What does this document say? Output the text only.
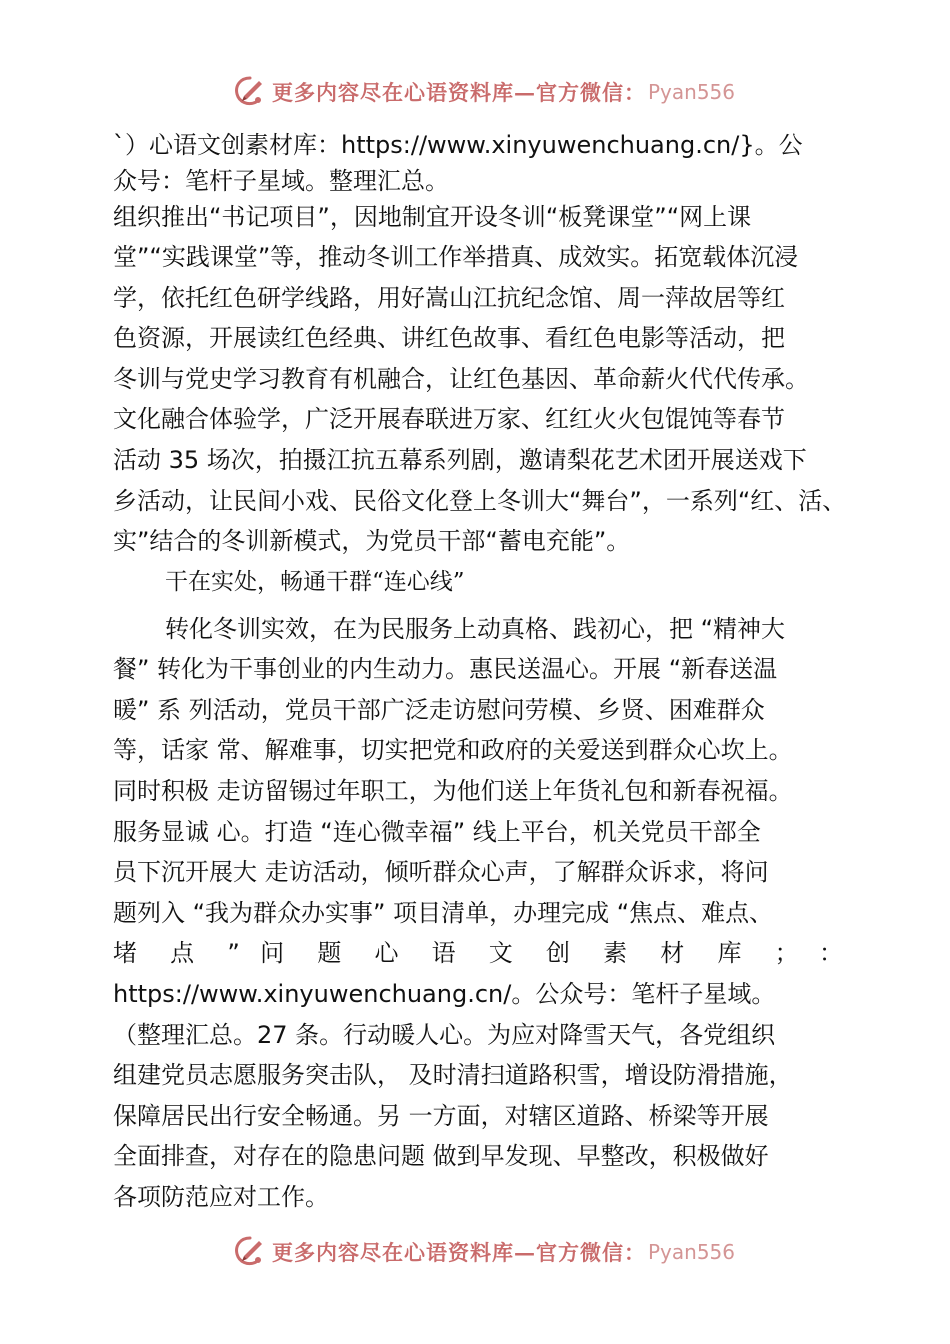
更多内容尽在心语资料库—官方微信： Pyan556
`）心语文创素材库：https://www.xinyuwenchuang.cn/}。公
众号：笔杆子星域。整理汇总。
组织推出“书记项目”，因地制宜开设冬训“板凳课堂”“网上课
堂”“实践课堂”等，推动冬训工作举措真、成效实。拓宽载体沉浸
学，依托红色研学线路，用好嵩山江抗纪念馆、周一萍故居等红
色资源，开展读红色经典、讲红色故事、看红色电影等活动，把
冬训与党史学习教育有机融合，让红色基因、革命薪火代代传承。
文化融合体验学，广泛开展春联进万家、红红火火包馄饨等春节
活动 35 场次，拍摄江抗五幕系列剧，邀请梨花艺术团开展送戏下
乡活动，让民间小戏、民俗文化登上冬训大“舞台”，一系列“红、活、
实”结合的冬训新模式，为党员干部“蓄电充能”。
干在实处，畅通干群“连心线”
转化冬训实效，在为民服务上动真格、践初心，把 “精神大
餐” 转化为干事创业的内生动力。惠民送温心。开展 “新春送温
暖” 系 列活动，党员干部广泛走访慰问劳模、乡贤、困难群众
等，话家 常、解难事，切实把党和政府的关爱送到群众心坎上。
同时积极 走访留锡过年职工，为他们送上年货礼包和新春祝福。
服务显诚 心。打造 “连心微幸福” 线上平台，机关党员干部全
员下沉开展大 走访活动，倾听群众心声，了解群众诉求，将问
题列入 “我为群众办实事” 项目清单，办理完成 “焦点、难点、
堵 点 ” 问 题 心 语 文 创 素 材 库 ； ：
https://www.xinyuwenchuang.cn/。公众号：笔杆子星域。
（整理汇总。27 条。行动暖人心。为应对降雪天气，各党组织
组建党员志愿服务突击队， 及时清扫道路积雪，增设防滑措施，
保障居民出行安全畅通。另 一方面，对辖区道路、桥梁等开展
全面排查，对存在的隐患问题 做到早发现、早整改，积极做好
各项防范应对工作。
更多内容尽在心语资料库—官方微信： Pyan556
